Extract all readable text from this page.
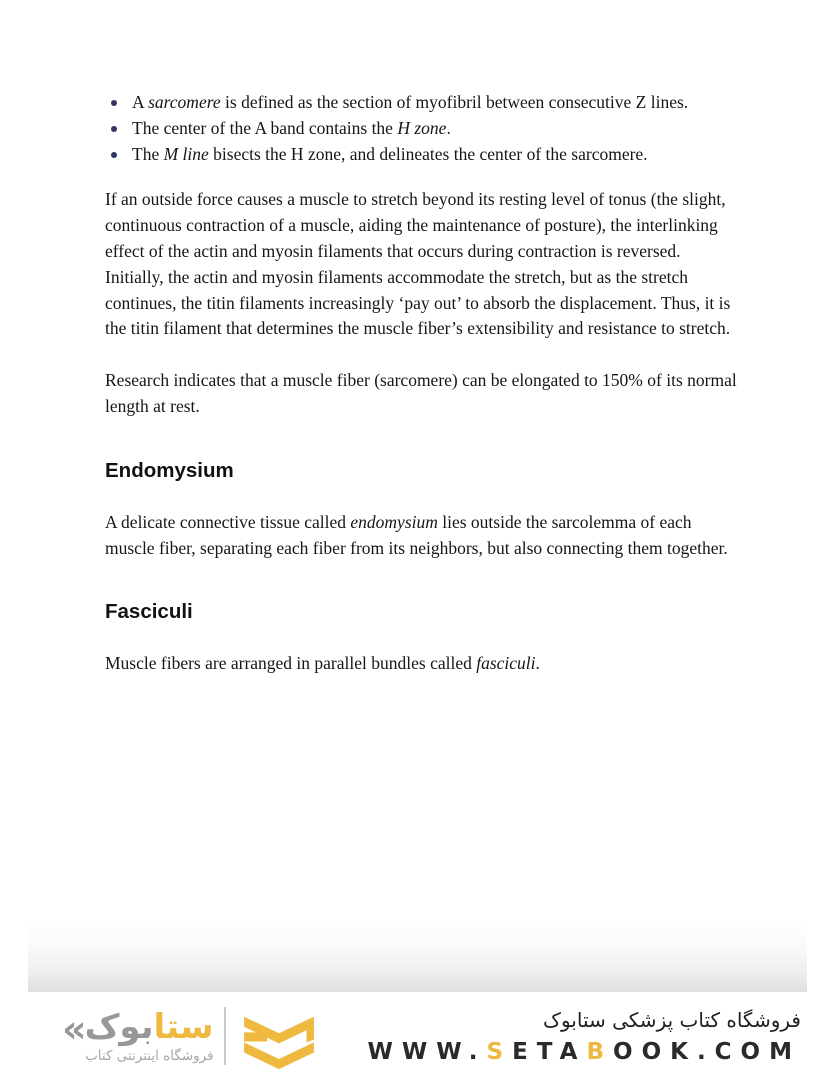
A sarcomere is defined as the section of myofibril between consecutive Z lines.
The center of the A band contains the H zone.
The M line bisects the H zone, and delineates the center of the sarcomere.

If an outside force causes a muscle to stretch beyond its resting level of tonus (the slight, continuous contraction of a muscle, aiding the maintenance of posture), the interlinking effect of the actin and myosin filaments that occurs during contraction is reversed. Initially, the actin and myosin filaments accommodate the stretch, but as the stretch continues, the titin filaments increasingly ‘pay out’ to absorb the displacement. Thus, it is the titin filament that determines the muscle fiber’s extensibility and resistance to stretch.

Research indicates that a muscle fiber (sarcomere) can be elongated to 150% of its normal length at rest.

Endomysium

A delicate connective tissue called endomysium lies outside the sarcolemma of each muscle fiber, separating each fiber from its neighbors, but also connecting them together.

Fasciculi

Muscle fibers are arranged in parallel bundles called fasciculi.

«	ستابوک
فروشگاه اینترنتی کتاب
فروشگاه کتاب پزشکی ستابوک
WWW.SETABOOK.COM
